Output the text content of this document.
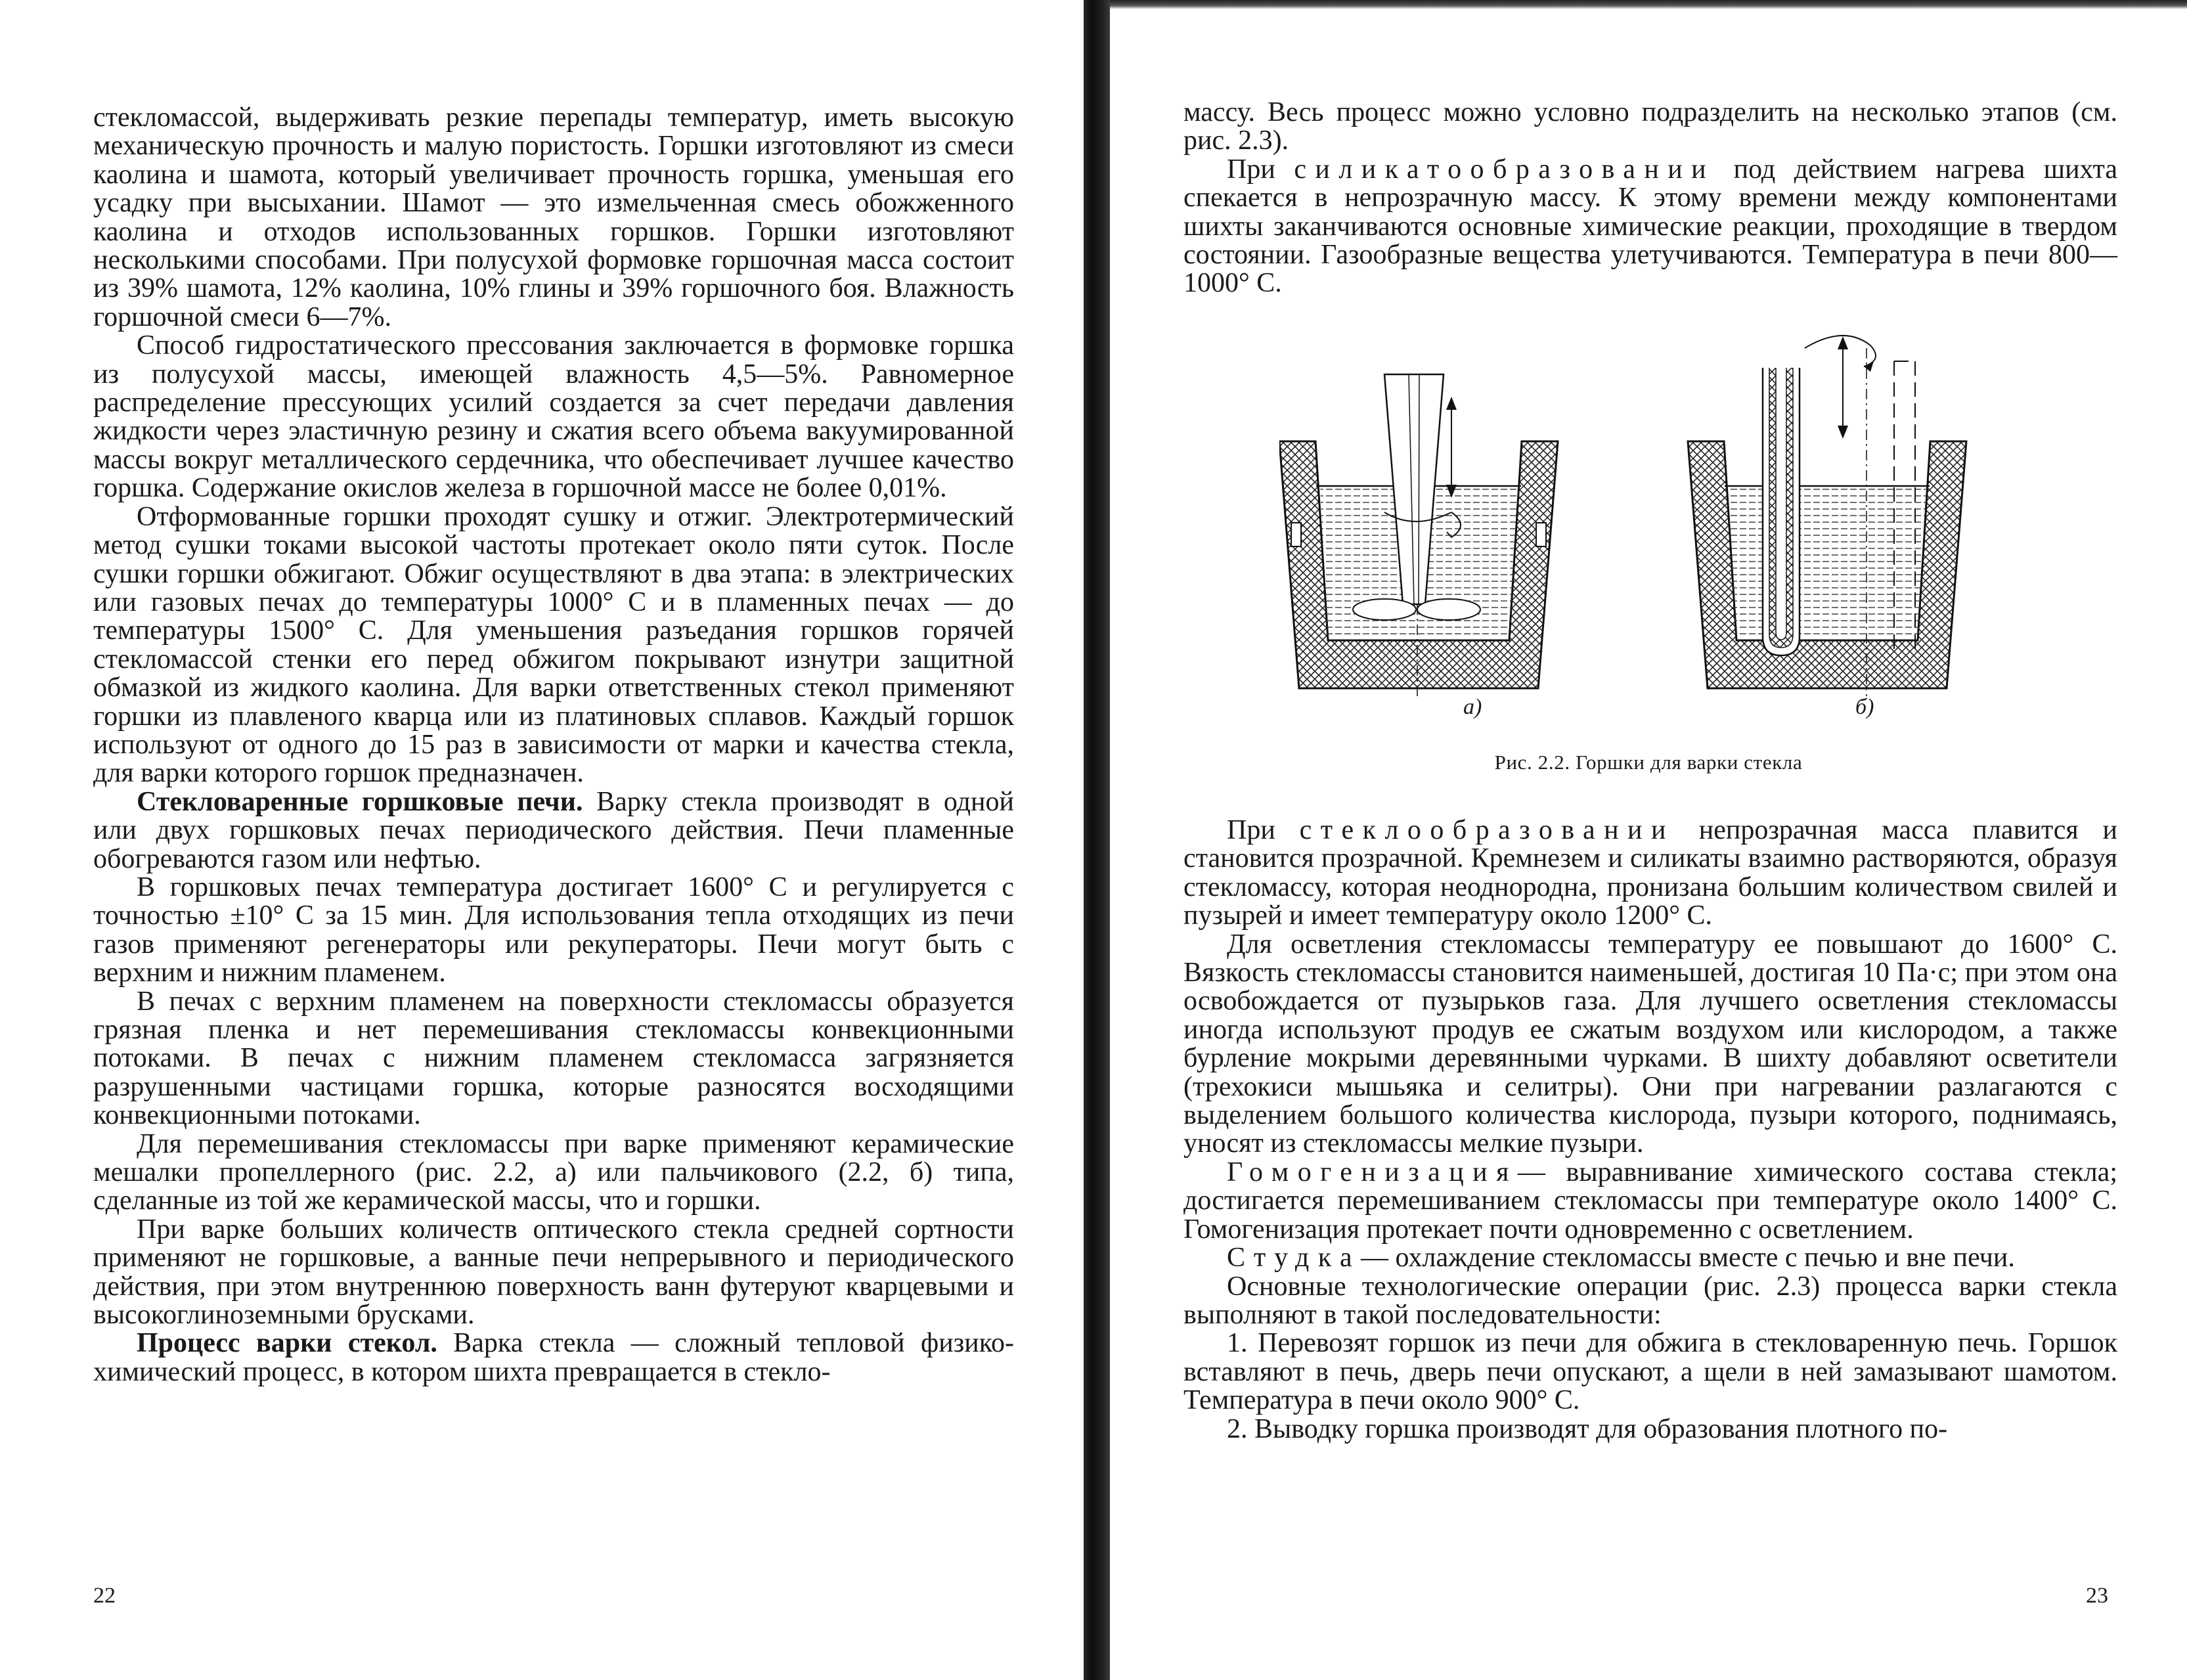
стекломассой, выдерживать резкие перепады температур, иметь высокую механическую прочность и малую пористость. Горшки изготовляют из смеси каолина и шамота, который увеличивает прочность горшка, уменьшая его усадку при высыхании. Шамот — это измельченная смесь обожженного каолина и отходов использованных горшков. Горшки изготовляют несколькими способами. При полусухой формовке горшочная масса состоит из 39% шамота, 12% каолина, 10% глины и 39% горшочного боя. Влажность горшочной смеси 6—7%.

Способ гидростатического прессования заключается в формовке горшка из полусухой массы, имеющей влажность 4,5—5%. Равномерное распределение прессующих усилий создается за счет передачи давления жидкости через эластичную резину и сжатия всего объема вакуумированной массы вокруг металлического сердечника, что обеспечивает лучшее качество горшка. Содержание окислов железа в горшочной массе не более 0,01%.

Отформованные горшки проходят сушку и отжиг. Электротермический метод сушки токами высокой частоты протекает около пяти суток. После сушки горшки обжигают. Обжиг осуществляют в два этапа: в электрических или газовых печах до температуры 1000° С и в пламенных печах — до температуры 1500° С. Для уменьшения разъедания горшков горячей стекломассой стенки его перед обжигом покрывают изнутри защитной обмазкой из жидкого каолина. Для варки ответственных стекол применяют горшки из плавленого кварца или из платиновых сплавов. Каждый горшок используют от одного до 15 раз в зависимости от марки и качества стекла, для варки которого горшок предназначен.

Стекловаренные горшковые печи. Варку стекла производят в одной или двух горшковых печах периодического действия. Печи пламенные обогреваются газом или нефтью.

В горшковых печах температура достигает 1600° С и регулируется с точностью ±10° С за 15 мин. Для использования тепла отходящих из печи газов применяют регенераторы или рекуператоры. Печи могут быть с верхним и нижним пламенем.

В печах с верхним пламенем на поверхности стекломассы образуется грязная пленка и нет перемешивания стекломассы конвекционными потоками. В печах с нижним пламенем стекломасса загрязняется разрушенными частицами горшка, которые разносятся восходящими конвекционными потоками.

Для перемешивания стекломассы при варке применяют керамические мешалки пропеллерного (рис. 2.2, а) или пальчикового (2.2, б) типа, сделанные из той же керамической массы, что и горшки.

При варке больших количеств оптического стекла средней сортности применяют не горшковые, а ванные печи непрерывного и периодического действия, при этом внутреннюю поверхность ванн футеруют кварцевыми и высокоглиноземными брусками.

Процесс варки стекол. Варка стекла — сложный тепловой физико-химический процесс, в котором шихта превращается в стекло-

22

массу. Весь процесс можно условно подразделить на несколько этапов (см. рис. 2.3).

При силикатообразовании под действием нагрева шихта спекается в непрозрачную массу. К этому времени между компонентами шихты заканчиваются основные химические реакции, проходящие в твердом состоянии. Газообразные вещества улетучиваются. Температура в печи 800—1000° С.

а)	б)
Рис. 2.2. Горшки для варки стекла

При стеклообразовании непрозрачная масса плавится и становится прозрачной. Кремнезем и силикаты взаимно растворяются, образуя стекломассу, которая неоднородна, пронизана большим количеством свилей и пузырей и имеет температуру около 1200° С.

Для осветления стекломассы температуру ее повышают до 1600° С. Вязкость стекломассы становится наименьшей, достигая 10 Па·с; при этом она освобождается от пузырьков газа. Для лучшего осветления стекломассы иногда используют продув ее сжатым воздухом или кислородом, а также бурление мокрыми деревянными чурками. В шихту добавляют осветители (трехокиси мышьяка и селитры). Они при нагревании разлагаются с выделением большого количества кислорода, пузыри которого, поднимаясь, уносят из стекломассы мелкие пузыри.

Гомогенизация— выравнивание химического состава стекла; достигается перемешиванием стекломассы при температуре около 1400° С. Гомогенизация протекает почти одновременно с осветлением.

Студка— охлаждение стекломассы вместе с печью и вне печи.

Основные технологические операции (рис. 2.3) процесса варки стекла выполняют в такой последовательности:

1. Перевозят горшок из печи для обжига в стекловаренную печь. Горшок вставляют в печь, дверь печи опускают, а щели в ней замазывают шамотом. Температура в печи около 900° С.

2. Выводку горшка производят для образования плотного по-

23
